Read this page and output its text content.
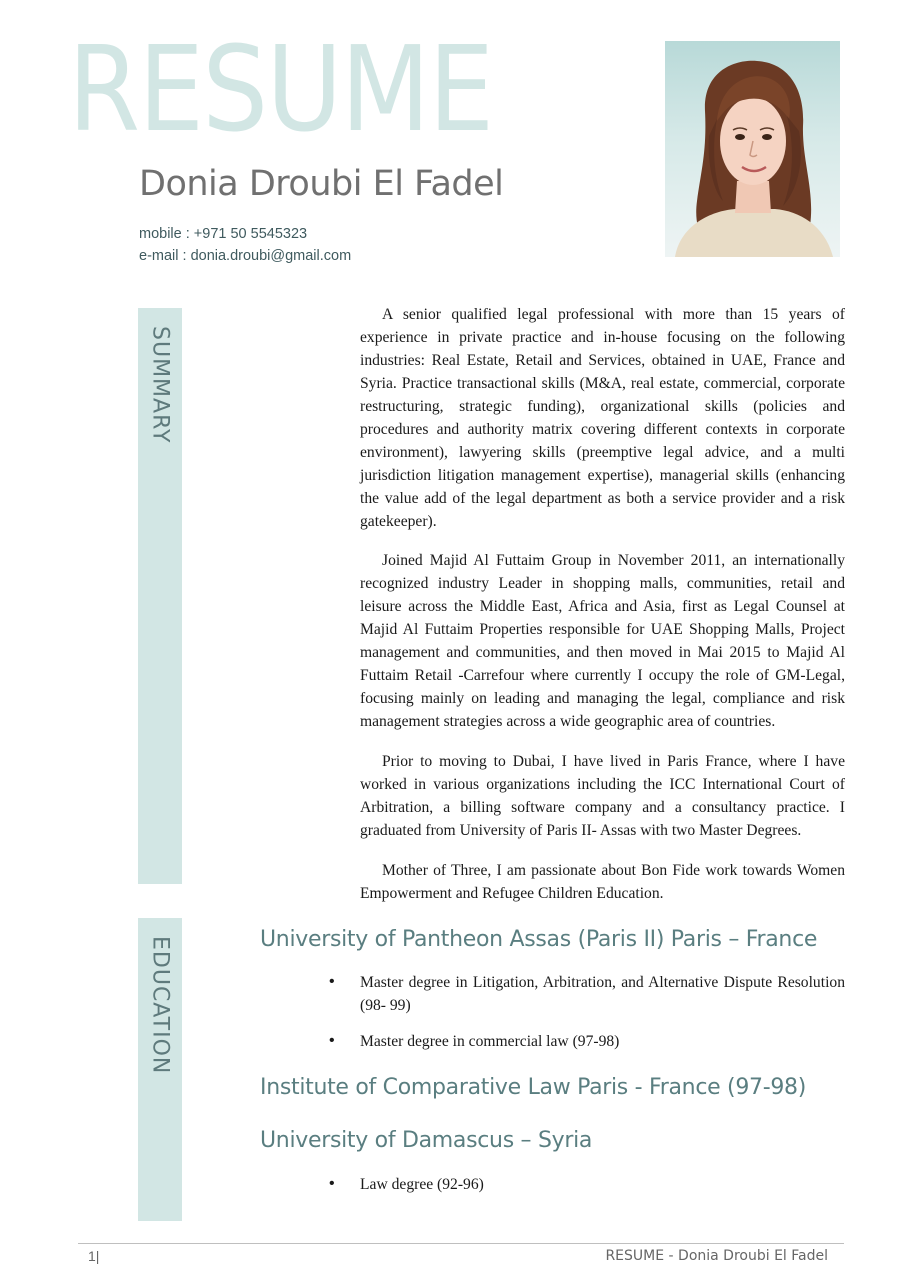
RESUME
Donia Droubi El Fadel
mobile : +971 50 5545323
e-mail : donia.droubi@gmail.com
SUMMARY

A senior qualified legal professional with more than 15 years of experience in private practice and in-house focusing on the following industries: Real Estate, Retail and Services, obtained in UAE, France and Syria. Practice transactional skills (M&A, real estate, commercial, corporate restructuring, strategic funding), organizational skills (policies and procedures and authority matrix covering different contexts in corporate environment), lawyering skills (preemptive legal advice, and a multi jurisdiction litigation management expertise), managerial skills (enhancing the value add of the legal department as both a service provider and a risk gatekeeper).

Joined Majid Al Futtaim Group in November 2011, an internationally recognized industry Leader in shopping malls, communities, retail and leisure across the Middle East, Africa and Asia, first as Legal Counsel at Majid Al Futtaim Properties responsible for UAE Shopping Malls, Project management and communities, and then moved in Mai 2015 to Majid Al Futtaim Retail -Carrefour where currently I occupy the role of GM-Legal, focusing mainly on leading and managing the legal, compliance and risk management strategies across a wide geographic area of countries.

Prior to moving to Dubai, I have lived in Paris France, where I have worked in various organizations including the ICC International Court of Arbitration, a billing software company and a consultancy practice. I graduated from University of Paris II- Assas with two Master Degrees.

Mother of Three, I am passionate about Bon Fide work towards Women Empowerment and Refugee Children Education.

EDUCATION	University of Pantheon Assas (Paris II) Paris – France
• Master degree in Litigation, Arbitration, and Alternative Dispute Resolution (98- 99)
• Master degree in commercial law (97-98)
Institute of Comparative Law Paris - France (97-98)
University of Damascus – Syria
• Law degree (92-96)
1|	RESUME - Donia Droubi El Fadel
